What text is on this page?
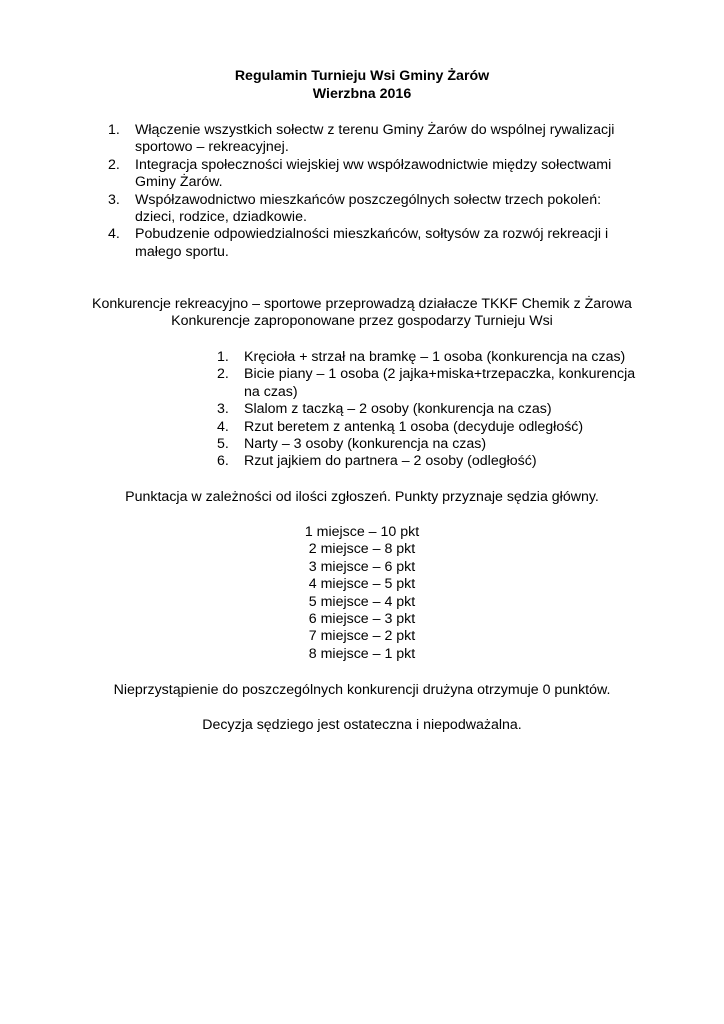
Regulamin Turnieju Wsi Gminy Żarów
Wierzbna 2016
1. Włączenie wszystkich sołectw z terenu Gminy Żarów do wspólnej rywalizacji
sportowo – rekreacyjnej.
2. Integracja społeczności wiejskiej ww współzawodnictwie między sołectwami
Gminy Żarów.
3. Współzawodnictwo mieszkańców poszczególnych sołectw trzech pokoleń:
dzieci, rodzice, dziadkowie.
4. Pobudzenie odpowiedzialności mieszkańców, sołtysów za rozwój rekreacji i
małego sportu.
Konkurencje rekreacyjno – sportowe przeprowadzą działacze TKKF Chemik z Żarowa
Konkurencje zaproponowane przez gospodarzy Turnieju Wsi
1. Kręcioła + strzał na bramkę – 1 osoba (konkurencja na czas)
2. Bicie piany – 1 osoba (2 jajka+miska+trzepaczka, konkurencja
na czas)
3. Slalom z taczką – 2 osoby (konkurencja na czas)
4. Rzut beretem z antenką 1 osoba (decyduje odległość)
5. Narty – 3 osoby (konkurencja na czas)
6. Rzut jajkiem do partnera – 2 osoby (odległość)
Punktacja w zależności od ilości zgłoszeń. Punkty przyznaje sędzia główny.
1 miejsce – 10 pkt
2 miejsce – 8 pkt
3 miejsce – 6 pkt
4 miejsce – 5 pkt
5 miejsce – 4 pkt
6 miejsce – 3 pkt
7 miejsce – 2 pkt
8 miejsce – 1 pkt
Nieprzystąpienie do poszczególnych konkurencji drużyna otrzymuje 0 punktów.
Decyzja sędziego jest ostateczna i niepodważalna.
